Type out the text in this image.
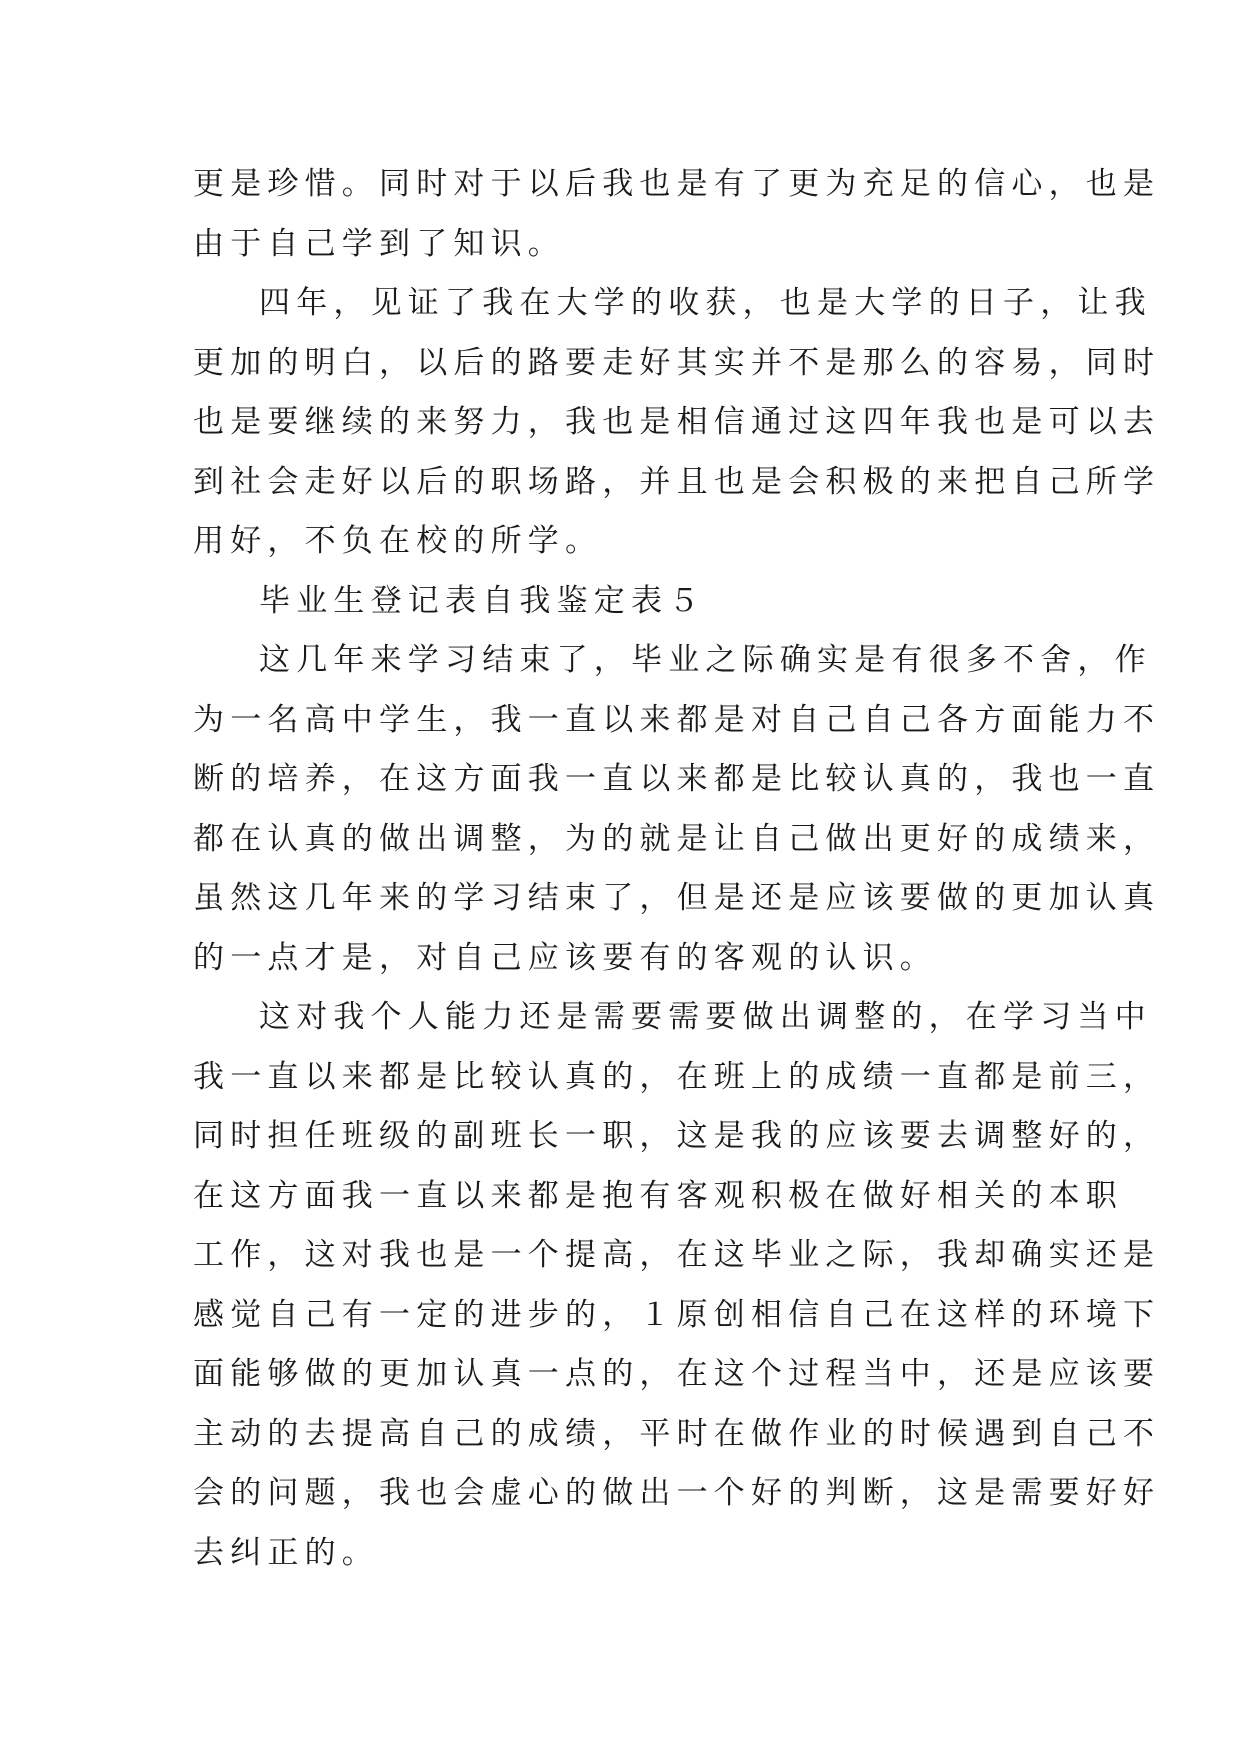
更是珍惜。同时对于以后我也是有了更为充足的信心，也是
由于自己学到了知识。
四年，见证了我在大学的收获，也是大学的日子，让我
更加的明白，以后的路要走好其实并不是那么的容易，同时
也是要继续的来努力，我也是相信通过这四年我也是可以去
到社会走好以后的职场路，并且也是会积极的来把自己所学
用好，不负在校的所学。
毕业生登记表自我鉴定表５
这几年来学习结束了，毕业之际确实是有很多不舍，作
为一名高中学生，我一直以来都是对自己自己各方面能力不
断的培养，在这方面我一直以来都是比较认真的，我也一直
都在认真的做出调整，为的就是让自己做出更好的成绩来，
虽然这几年来的学习结束了，但是还是应该要做的更加认真
的一点才是，对自己应该要有的客观的认识。
这对我个人能力还是需要需要做出调整的，在学习当中
我一直以来都是比较认真的，在班上的成绩一直都是前三，
同时担任班级的副班长一职，这是我的应该要去调整好的，
在这方面我一直以来都是抱有客观积极在做好相关的本职
工作，这对我也是一个提高，在这毕业之际，我却确实还是
感觉自己有一定的进步的，１原创相信自己在这样的环境下
面能够做的更加认真一点的，在这个过程当中，还是应该要
主动的去提高自己的成绩，平时在做作业的时候遇到自己不
会的问题，我也会虚心的做出一个好的判断，这是需要好好
去纠正的。
